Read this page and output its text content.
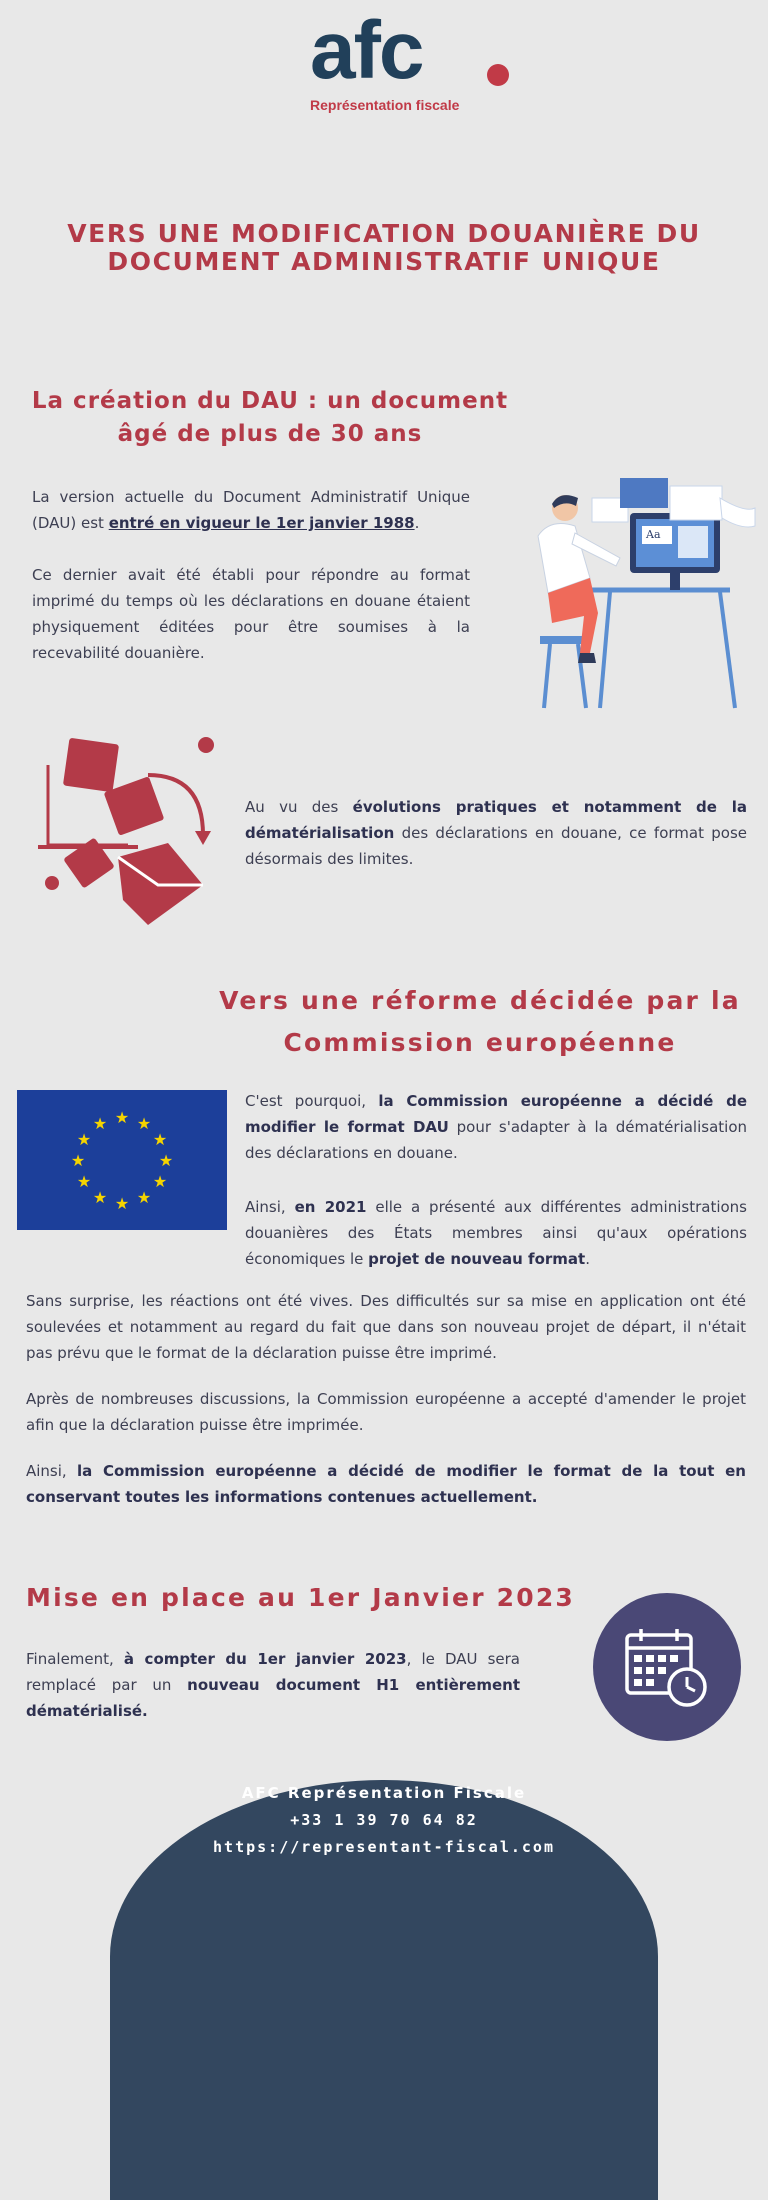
afc
Représentation fiscale
VERS UNE MODIFICATION DOUANIÈRE DU DOCUMENT ADMINISTRATIF UNIQUE
La création du DAU : un document âgé de plus de 30 ans

La version actuelle du Document Administratif Unique (DAU) est entré en vigueur le 1er janvier 1988.

Ce dernier avait été établi pour répondre au format imprimé du temps où les déclarations en douane étaient physiquement éditées pour être soumises à la recevabilité douanière.

Aa

Au vu des évolutions pratiques et notamment de la dématérialisation des déclarations en douane, ce format pose désormais des limites.

Vers une réforme décidée par la Commission européenne
★ ★
★
★
★
★
★
★
★
★
★
★

C'est pourquoi, la Commission européenne a décidé de modifier le format DAU pour s'adapter à la dématérialisation des déclarations en douane.

Ainsi, en 2021 elle a présenté aux différentes administrations douanières des États membres ainsi qu'aux opérations économiques le projet de nouveau format.

Sans surprise, les réactions ont été vives. Des difficultés sur sa mise en application ont été soulevées et notamment au regard du fait que dans son nouveau projet de départ, il n'était pas prévu que le format de la déclaration puisse être imprimé.

Après de nombreuses discussions, la Commission européenne a accepté d'amender le projet afin que la déclaration puisse être imprimée.

Ainsi, la Commission européenne a décidé de modifier le format de la tout en conservant toutes les informations contenues actuellement.

Mise en place au 1er Janvier 2023

Finalement, à compter du 1er janvier 2023, le DAU sera remplacé par un nouveau document H1 entièrement dématérialisé.

AFC Représentation Fiscale
+33 1 39 70 64 82
https://representant-fiscal.com
